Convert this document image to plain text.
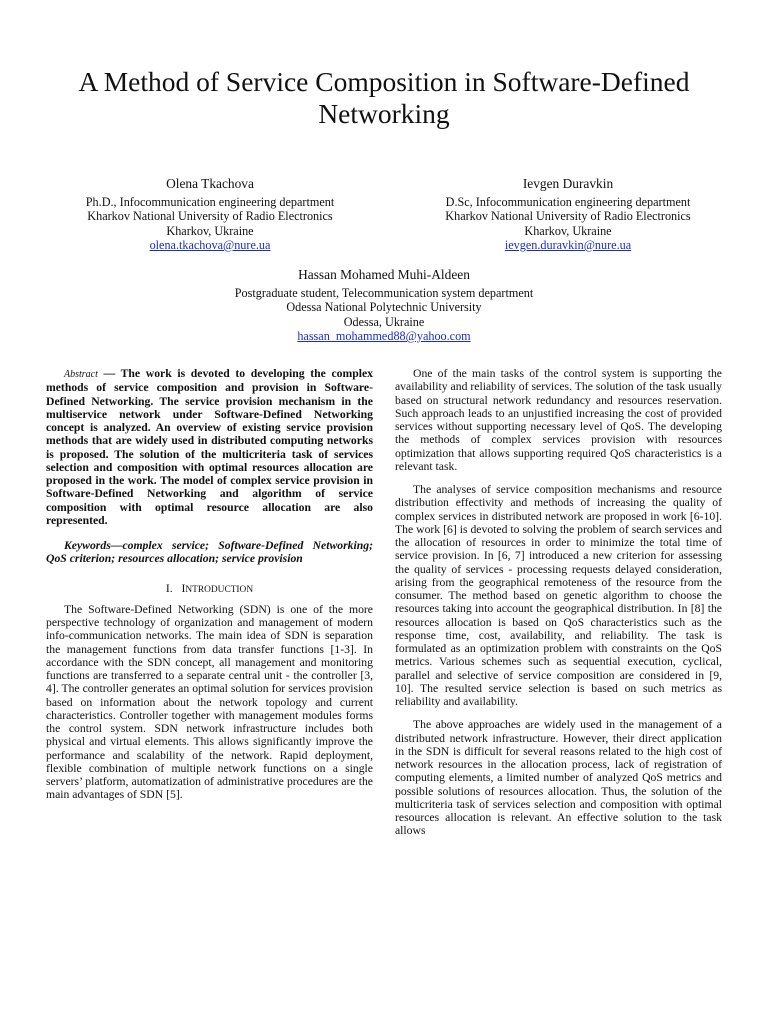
A Method of Service Composition in Software-Defined Networking
Olena Tkachova
Ph.D., Infocommunication engineering department
Kharkov National University of Radio Electronics
Kharkov, Ukraine
olena.tkachova@nure.ua
Ievgen Duravkin
D.Sc, Infocommunication engineering department
Kharkov National University of Radio Electronics
Kharkov, Ukraine
ievgen.duravkin@nure.ua
Hassan Mohamed Muhi-Aldeen
Postgraduate student, Telecommunication system department
Odessa National Polytechnic University
Odessa, Ukraine
hassan_mohammed88@yahoo.com

Abstract — The work is devoted to developing the complex methods of service composition and provision in Software-Defined Networking. The service provision mechanism in the multiservice network under Software-Defined Networking concept is analyzed. An overview of existing service provision methods that are widely used in distributed computing networks is proposed. The solution of the multicriteria task of services selection and composition with optimal resources allocation are proposed in the work. The model of complex service provision in Software-Defined Networking and algorithm of service composition with optimal resource allocation are also represented.

Keywords—complex service; Software-Defined Networking; QoS criterion; resources allocation; service provision

I. INTRODUCTION

The Software-Defined Networking (SDN) is one of the more perspective technology of organization and management of modern info-communication networks. The main idea of SDN is separation the management functions from data transfer functions [1-3]. In accordance with the SDN concept, all management and monitoring functions are transferred to a separate central unit - the controller [3, 4]. The controller generates an optimal solution for services provision based on information about the network topology and current characteristics. Controller together with management modules forms the control system. SDN network infrastructure includes both physical and virtual elements. This allows significantly improve the performance and scalability of the network. Rapid deployment, flexible combination of multiple network functions on a single servers’ platform, automatization of administrative procedures are the main advantages of SDN [5].

One of the main tasks of the control system is supporting the availability and reliability of services. The solution of the task usually based on structural network redundancy and resources reservation. Such approach leads to an unjustified increasing the cost of provided services without supporting necessary level of QoS. The developing the methods of complex services provision with resources optimization that allows supporting required QoS characteristics is a relevant task.

The analyses of service composition mechanisms and resource distribution effectivity and methods of increasing the quality of complex services in distributed network are proposed in work [6-10]. The work [6] is devoted to solving the problem of search services and the allocation of resources in order to minimize the total time of service provision. In [6, 7] introduced a new criterion for assessing the quality of services - processing requests delayed consideration, arising from the geographical remoteness of the resource from the consumer. The method based on genetic algorithm to choose the resources taking into account the geographical distribution. In [8] the resources allocation is based on QoS characteristics such as the response time, cost, availability, and reliability. The task is formulated as an optimization problem with constraints on the QoS metrics. Various schemes such as sequential execution, cyclical, parallel and selective of service composition are considered in [9, 10]. The resulted service selection is based on such metrics as reliability and availability.

The above approaches are widely used in the management of a distributed network infrastructure. However, their direct application in the SDN is difficult for several reasons related to the high cost of network resources in the allocation process, lack of registration of computing elements, a limited number of analyzed QoS metrics and possible solutions of resources allocation. Thus, the solution of the multicriteria task of services selection and composition with optimal resources allocation is relevant. An effective solution to the task allows
